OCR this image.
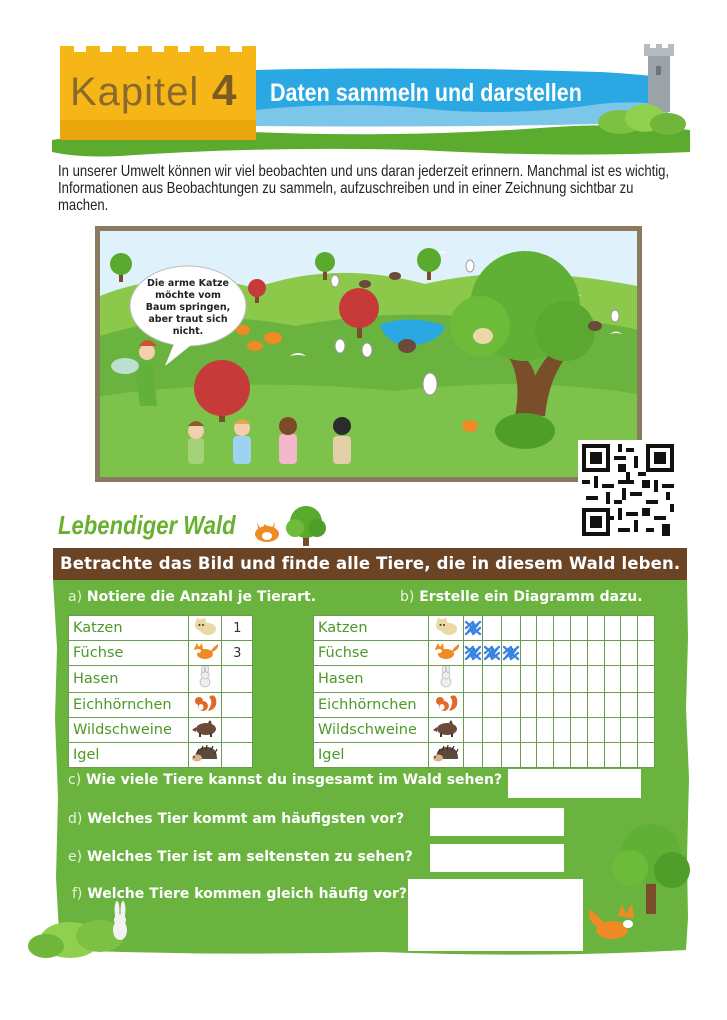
Kapitel 4 Daten sammeln und darstellen
In unserer Umwelt können wir viel beobachten und uns daran jederzeit erinnern. Manchmal ist es wichtig, Informationen aus Beobachtungen zu sammeln, aufzuschreiben und in einer Zeichnung sichtbar zu machen.
Die arme Katze möchte vom Baum springen, aber traut sich nicht.
Lebendiger Wald
Betrachte das Bild und finde alle Tiere, die in diesem Wald leben.
a) Notiere die Anzahl je Tierart.	b) Erstelle ein Diagramm dazu.
Katzen		1
Füchse		3
Hasen		
Eichhörnchen		
Wildschweine		
Igel		
Katzen		

Füchse		

Hasen												
Eichhörnchen												
Wildschweine												
Igel												
c) Wie viele Tiere kannst du insgesamt im Wald sehen?
d) Welches Tier kommt am häufigsten vor?
e) Welches Tier ist am seltensten zu sehen?
f) Welche Tiere kommen gleich häufig vor?
